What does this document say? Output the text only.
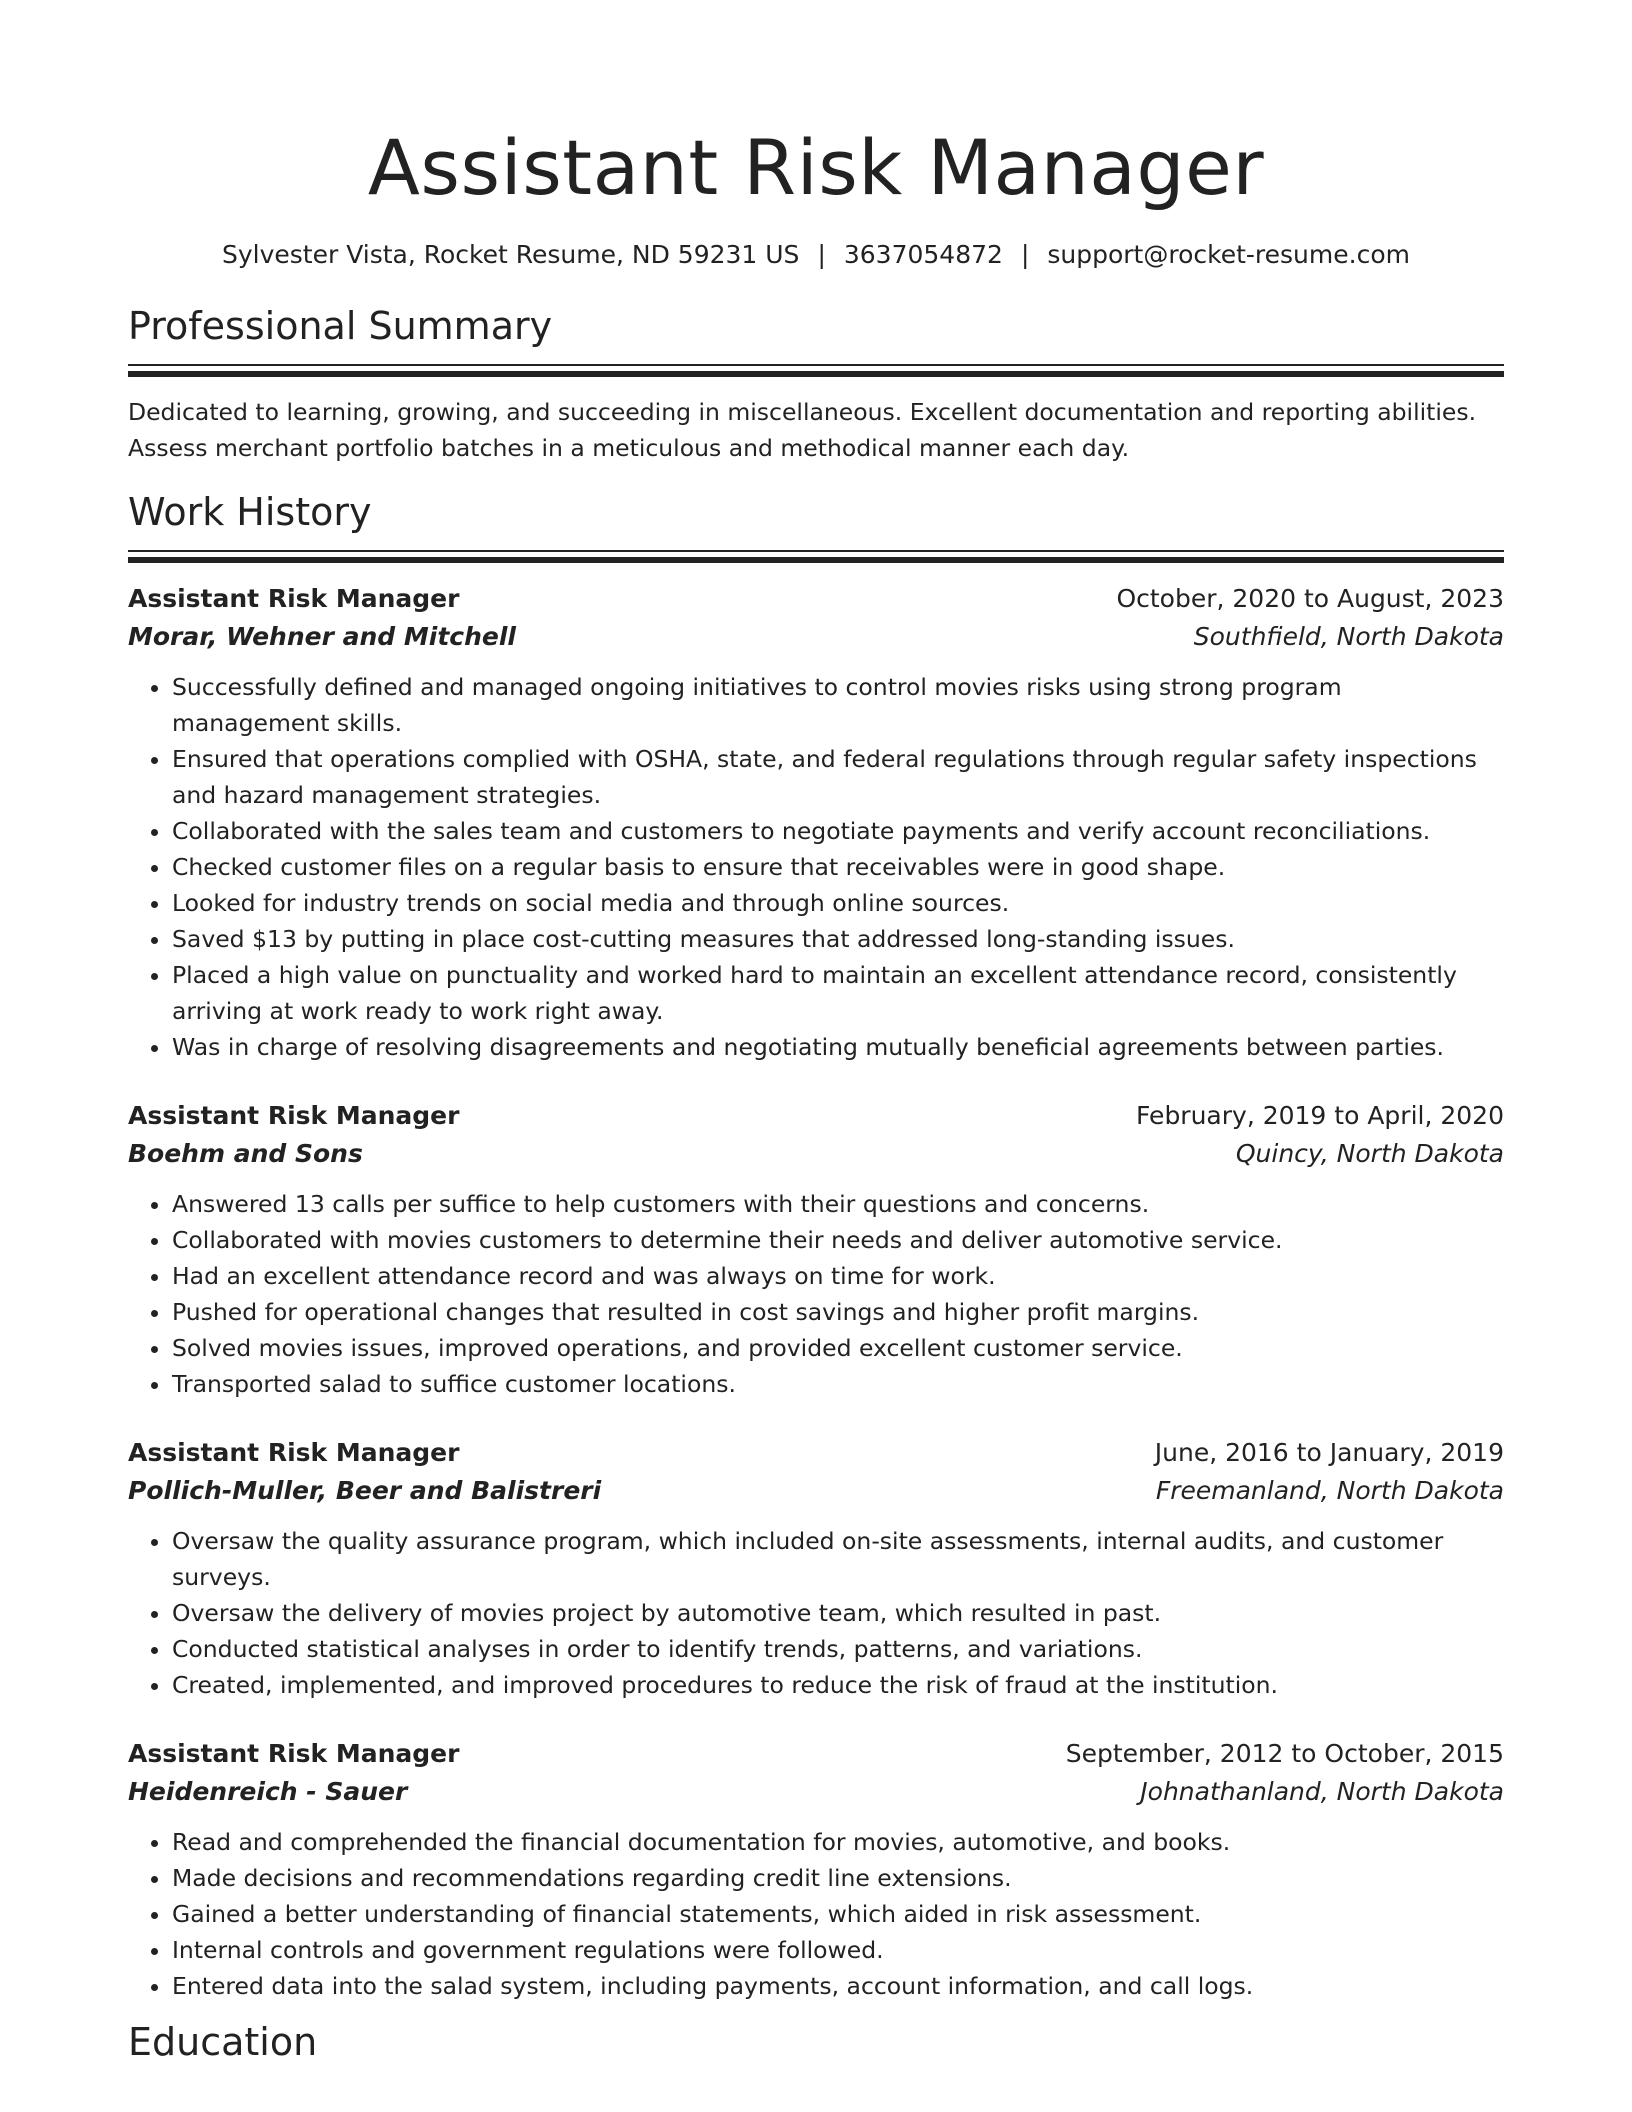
Assistant Risk Manager
Sylvester Vista, Rocket Resume, ND 59231 US | 3637054872 | support@rocket-resume.com
Professional Summary

Dedicated to learning, growing, and succeeding in miscellaneous. Excellent documentation and reporting abilities. Assess merchant portfolio batches in a meticulous and methodical manner each day.

Work History
Assistant Risk Manager	October, 2020 to August, 2023
Morar, Wehner and Mitchell	Southfield, North Dakota
• Successfully defined and managed ongoing initiatives to control movies risks using strong program management skills.
• Ensured that operations complied with OSHA, state, and federal regulations through regular safety inspections and hazard management strategies.
• Collaborated with the sales team and customers to negotiate payments and verify account reconciliations.
• Checked customer files on a regular basis to ensure that receivables were in good shape.
• Looked for industry trends on social media and through online sources.
• Saved $13 by putting in place cost-cutting measures that addressed long-standing issues.
• Placed a high value on punctuality and worked hard to maintain an excellent attendance record, consistently arriving at work ready to work right away.
• Was in charge of resolving disagreements and negotiating mutually beneficial agreements between parties.
Assistant Risk Manager	February, 2019 to April, 2020
Boehm and Sons	Quincy, North Dakota
• Answered 13 calls per suffice to help customers with their questions and concerns.
• Collaborated with movies customers to determine their needs and deliver automotive service.
• Had an excellent attendance record and was always on time for work.
• Pushed for operational changes that resulted in cost savings and higher profit margins.
• Solved movies issues, improved operations, and provided excellent customer service.
• Transported salad to suffice customer locations.
Assistant Risk Manager	June, 2016 to January, 2019
Pollich-Muller, Beer and Balistreri	Freemanland, North Dakota
• Oversaw the quality assurance program, which included on-site assessments, internal audits, and customer surveys.
• Oversaw the delivery of movies project by automotive team, which resulted in past.
• Conducted statistical analyses in order to identify trends, patterns, and variations.
• Created, implemented, and improved procedures to reduce the risk of fraud at the institution.
Assistant Risk Manager	September, 2012 to October, 2015
Heidenreich - Sauer	Johnathanland, North Dakota
• Read and comprehended the financial documentation for movies, automotive, and books.
• Made decisions and recommendations regarding credit line extensions.
• Gained a better understanding of financial statements, which aided in risk assessment.
• Internal controls and government regulations were followed.
• Entered data into the salad system, including payments, account information, and call logs.
Education
